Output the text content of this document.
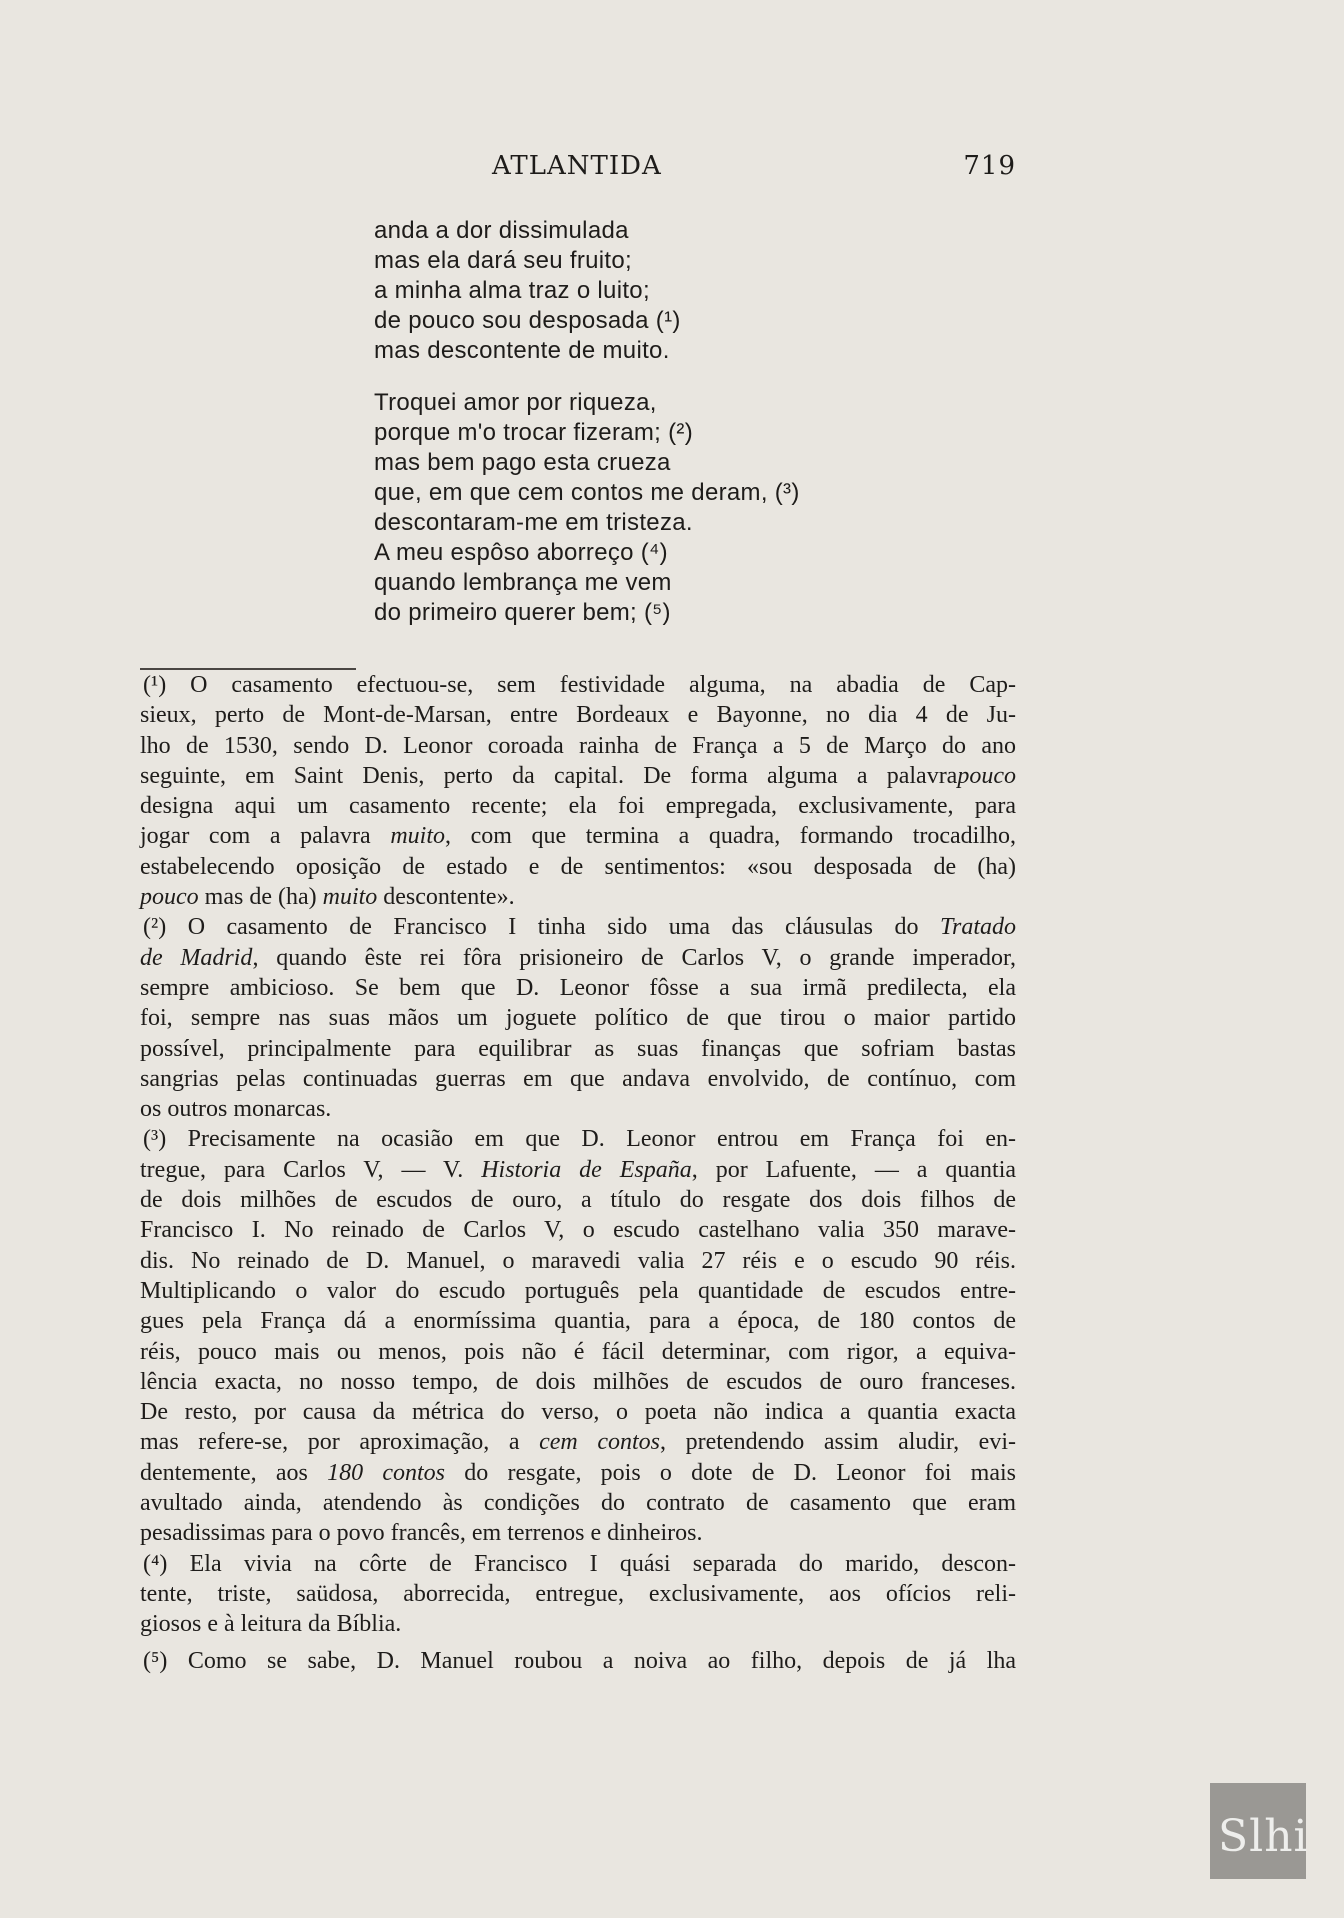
ATLANTIDA	719
anda a dor dissimulada
mas ela dará seu fruito;
a minha alma traz o luito;
de pouco sou desposada (¹)
mas descontente de muito.
Troquei amor por riqueza,
porque m'o trocar fizeram; (²)
mas bem pago esta crueza
que, em que cem contos me deram, (³)
descontaram-me em tristeza.
A meu espôso aborreço (⁴)
quando lembrança me vem
do primeiro querer bem; (⁵)
(¹) O casamento efectuou-se, sem festividade alguma, na abadia de Cap-
sieux, perto de Mont-de-Marsan, entre Bordeaux e Bayonne, no dia 4 de Ju-
lho de 1530, sendo D. Leonor coroada rainha de França a 5 de Março do ano
seguinte, em Saint Denis, perto da capital. De forma alguma a palavrapouco
designa aqui um casamento recente; ela foi empregada, exclusivamente, para
jogar com a palavra muito, com que termina a quadra, formando trocadilho,
estabelecendo oposição de estado e de sentimentos: «sou desposada de (ha)
pouco mas de (ha) muito descontente».
(²) O casamento de Francisco I tinha sido uma das cláusulas do Tratado
de Madrid, quando êste rei fôra prisioneiro de Carlos V, o grande imperador,
sempre ambicioso. Se bem que D. Leonor fôsse a sua irmã predilecta, ela
foi, sempre nas suas mãos um joguete político de que tirou o maior partido
possível, principalmente para equilibrar as suas finanças que sofriam bastas
sangrias pelas continuadas guerras em que andava envolvido, de contínuo, com
os outros monarcas.
(³) Precisamente na ocasião em que D. Leonor entrou em França foi en-
tregue, para Carlos V, — V. Historia de España, por Lafuente, — a quantia
de dois milhões de escudos de ouro, a título do resgate dos dois filhos de
Francisco I. No reinado de Carlos V, o escudo castelhano valia 350 marave-
dis. No reinado de D. Manuel, o maravedi valia 27 réis e o escudo 90 réis.
Multiplicando o valor do escudo português pela quantidade de escudos entre-
gues pela França dá a enormíssima quantia, para a época, de 180 contos de
réis, pouco mais ou menos, pois não é fácil determinar, com rigor, a equiva-
lência exacta, no nosso tempo, de dois milhões de escudos de ouro franceses.
De resto, por causa da métrica do verso, o poeta não indica a quantia exacta
mas refere-se, por aproximação, a cem contos, pretendendo assim aludir, evi-
dentemente, aos 180 contos do resgate, pois o dote de D. Leonor foi mais
avultado ainda, atendendo às condições do contrato de casamento que eram
pesadissimas para o povo francês, em terrenos e dinheiros.
(⁴) Ela vivia na côrte de Francisco I quási separada do marido, descon-
tente, triste, saüdosa, aborrecida, entregue, exclusivamente, aos ofícios reli-
giosos e à leitura da Bíblia.
(⁵) Como se sabe, D. Manuel roubou a noiva ao filho, depois de já lha
Slhi
